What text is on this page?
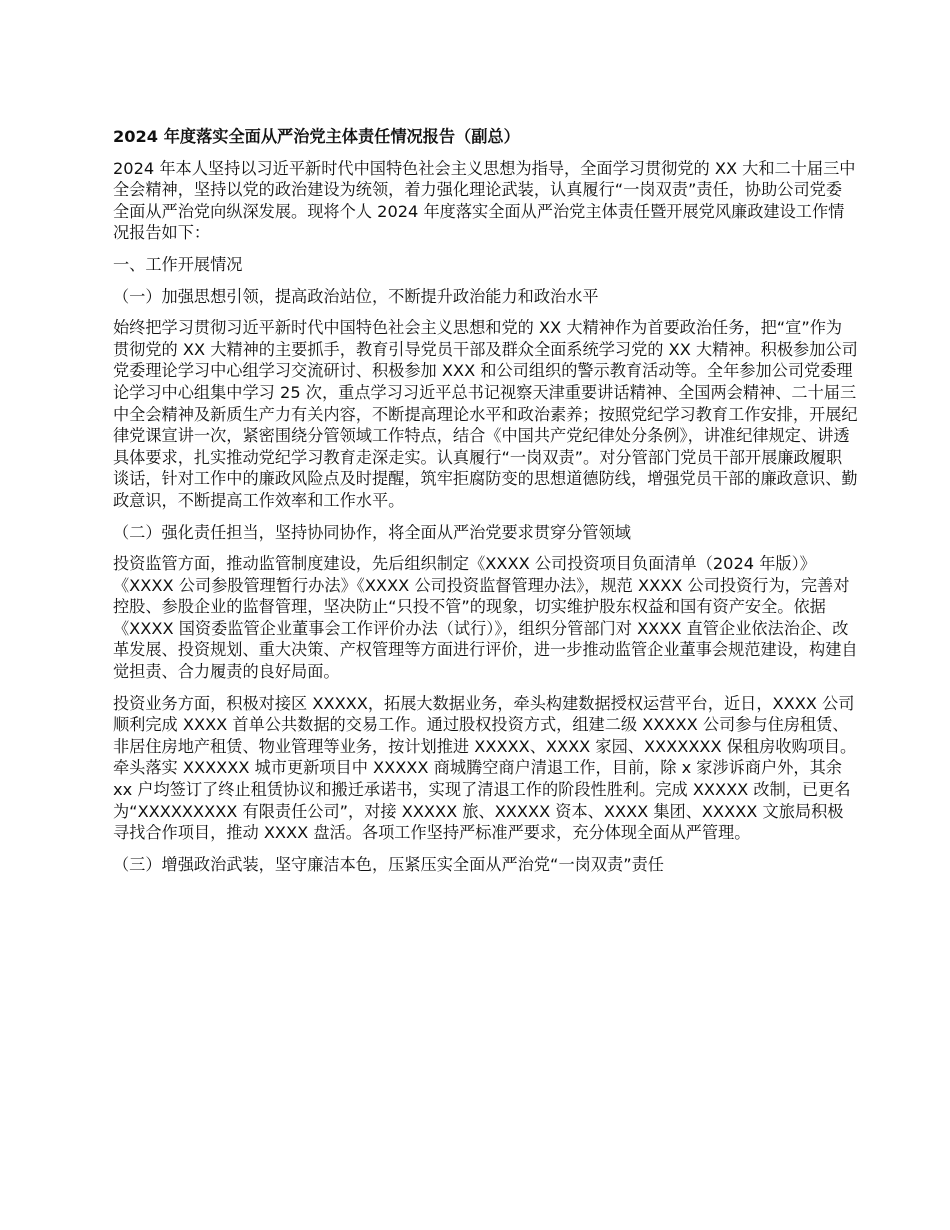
2024 年度落实全面从严治党主体责任情况报告（副总）

2024 年本人坚持以习近平新时代中国特色社会主义思想为指导，全面学习贯彻党的 XX 大和二十届三中全会精神，坚持以党的政治建设为统领，着力强化理论武装，认真履行“一岗双责”责任，协助公司党委全面从严治党向纵深发展。现将个人 2024 年度落实全面从严治党主体责任暨开展党风廉政建设工作情况报告如下：

一、工作开展情况

（一）加强思想引领，提高政治站位，不断提升政治能力和政治水平

始终把学习贯彻习近平新时代中国特色社会主义思想和党的 XX 大精神作为首要政治任务，把“宣”作为贯彻党的 XX 大精神的主要抓手，教育引导党员干部及群众全面系统学习党的 XX 大精神。积极参加公司党委理论学习中心组学习交流研讨、积极参加 XXX 和公司组织的警示教育活动等。全年参加公司党委理论学习中心组集中学习 25 次，重点学习习近平总书记视察天津重要讲话精神、全国两会精神、二十届三中全会精神及新质生产力有关内容，不断提高理论水平和政治素养；按照党纪学习教育工作安排，开展纪律党课宣讲一次，紧密围绕分管领域工作特点，结合《中国共产党纪律处分条例》，讲准纪律规定、讲透具体要求，扎实推动党纪学习教育走深走实。认真履行“一岗双责”。对分管部门党员干部开展廉政履职谈话，针对工作中的廉政风险点及时提醒，筑牢拒腐防变的思想道德防线，增强党员干部的廉政意识、勤政意识，不断提高工作效率和工作水平。

（二）强化责任担当，坚持协同协作，将全面从严治党要求贯穿分管领域

投资监管方面，推动监管制度建设，先后组织制定《XXXX 公司投资项目负面清单（2024 年版）》《XXXX 公司参股管理暂行办法》《XXXX 公司投资监督管理办法》，规范 XXXX 公司投资行为，完善对控股、参股企业的监督管理，坚决防止“只投不管”的现象，切实维护股东权益和国有资产安全。依据《XXXX 国资委监管企业董事会工作评价办法（试行）》，组织分管部门对 XXXX 直管企业依法治企、改革发展、投资规划、重大决策、产权管理等方面进行评价，进一步推动监管企业董事会规范建设，构建自觉担责、合力履责的良好局面。

投资业务方面，积极对接区 XXXXX，拓展大数据业务，牵头构建数据授权运营平台，近日，XXXX 公司顺利完成 XXXX 首单公共数据的交易工作。通过股权投资方式，组建二级 XXXXX 公司参与住房租赁、非居住房地产租赁、物业管理等业务，按计划推进 XXXXX、XXXX 家园、XXXXXXX 保租房收购项目。牵头落实 XXXXXX 城市更新项目中 XXXXX 商城腾空商户清退工作，目前，除 x 家涉诉商户外，其余 xx 户均签订了终止租赁协议和搬迁承诺书，实现了清退工作的阶段性胜利。完成 XXXXX 改制，已更名为“XXXXXXXXX 有限责任公司”，对接 XXXXX 旅、XXXXX 资本、XXXX 集团、XXXXX 文旅局积极寻找合作项目，推动 XXXX 盘活。各项工作坚持严标准严要求，充分体现全面从严管理。

（三）增强政治武装，坚守廉洁本色，压紧压实全面从严治党“一岗双责”责任
